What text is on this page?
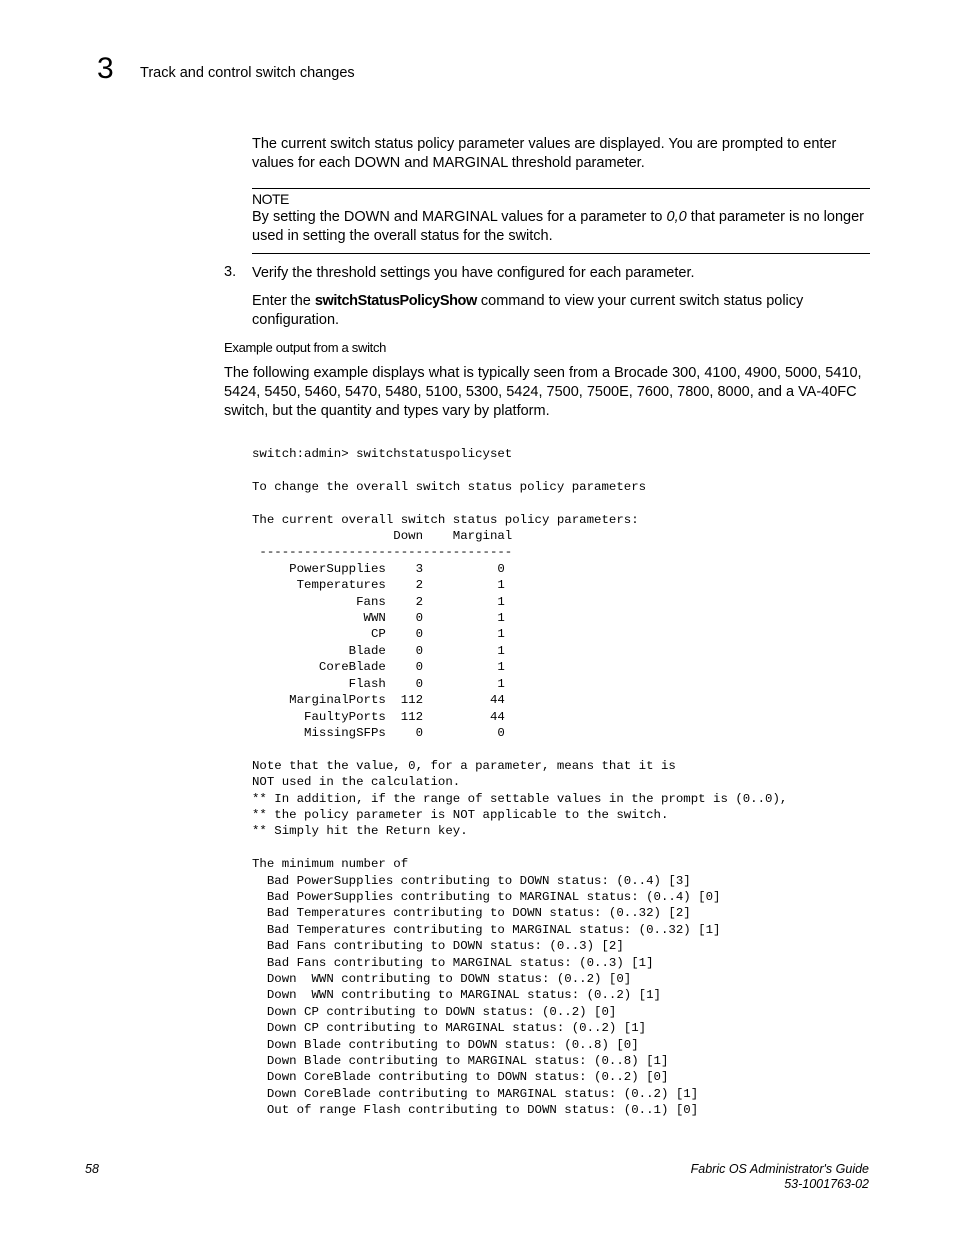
3 Track and control switch changes
The current switch status policy parameter values are displayed. You are prompted to enter values for each DOWN and MARGINAL threshold parameter.
NOTE
By setting the DOWN and MARGINAL values for a parameter to 0,0 that parameter is no longer used in setting the overall status for the switch.
3. Verify the threshold settings you have configured for each parameter.
Enter the switchStatusPolicyShow command to view your current switch status policy configuration.
Example output from a switch
The following example displays what is typically seen from a Brocade 300, 4100, 4900, 5000, 5410, 5424, 5450, 5460, 5470, 5480, 5100, 5300, 5424, 7500, 7500E, 7600, 7800, 8000, and a VA-40FC switch, but the quantity and types vary by platform.
switch:admin> switchstatuspolicyset

To change the overall switch status policy parameters

The current overall switch status policy parameters:
Down    Marginal
----------------------------------
PowerSupplies    3          0
Temperatures    2          1
Fans    2          1
WWN    0          1
CP    0          1
Blade    0          1
CoreBlade    0          1
Flash    0          1
MarginalPorts  112         44
FaultyPorts  112         44
MissingSFPs    0          0

Note that the value, 0, for a parameter, means that it is
NOT used in the calculation.
** In addition, if the range of settable values in the prompt is (0..0),
** the policy parameter is NOT applicable to the switch.
** Simply hit the Return key.

The minimum number of
Bad PowerSupplies contributing to DOWN status: (0..4) [3]
Bad PowerSupplies contributing to MARGINAL status: (0..4) [0]
Bad Temperatures contributing to DOWN status: (0..32) [2]
Bad Temperatures contributing to MARGINAL status: (0..32) [1]
Bad Fans contributing to DOWN status: (0..3) [2]
Bad Fans contributing to MARGINAL status: (0..3) [1]
Down  WWN contributing to DOWN status: (0..2) [0]
Down  WWN contributing to MARGINAL status: (0..2) [1]
Down CP contributing to DOWN status: (0..2) [0]
Down CP contributing to MARGINAL status: (0..2) [1]
Down Blade contributing to DOWN status: (0..8) [0]
Down Blade contributing to MARGINAL status: (0..8) [1]
Down CoreBlade contributing to DOWN status: (0..2) [0]
Down CoreBlade contributing to MARGINAL status: (0..2) [1]
Out of range Flash contributing to DOWN status: (0..1) [0]
58	Fabric OS Administrator's Guide
53-1001763-02
